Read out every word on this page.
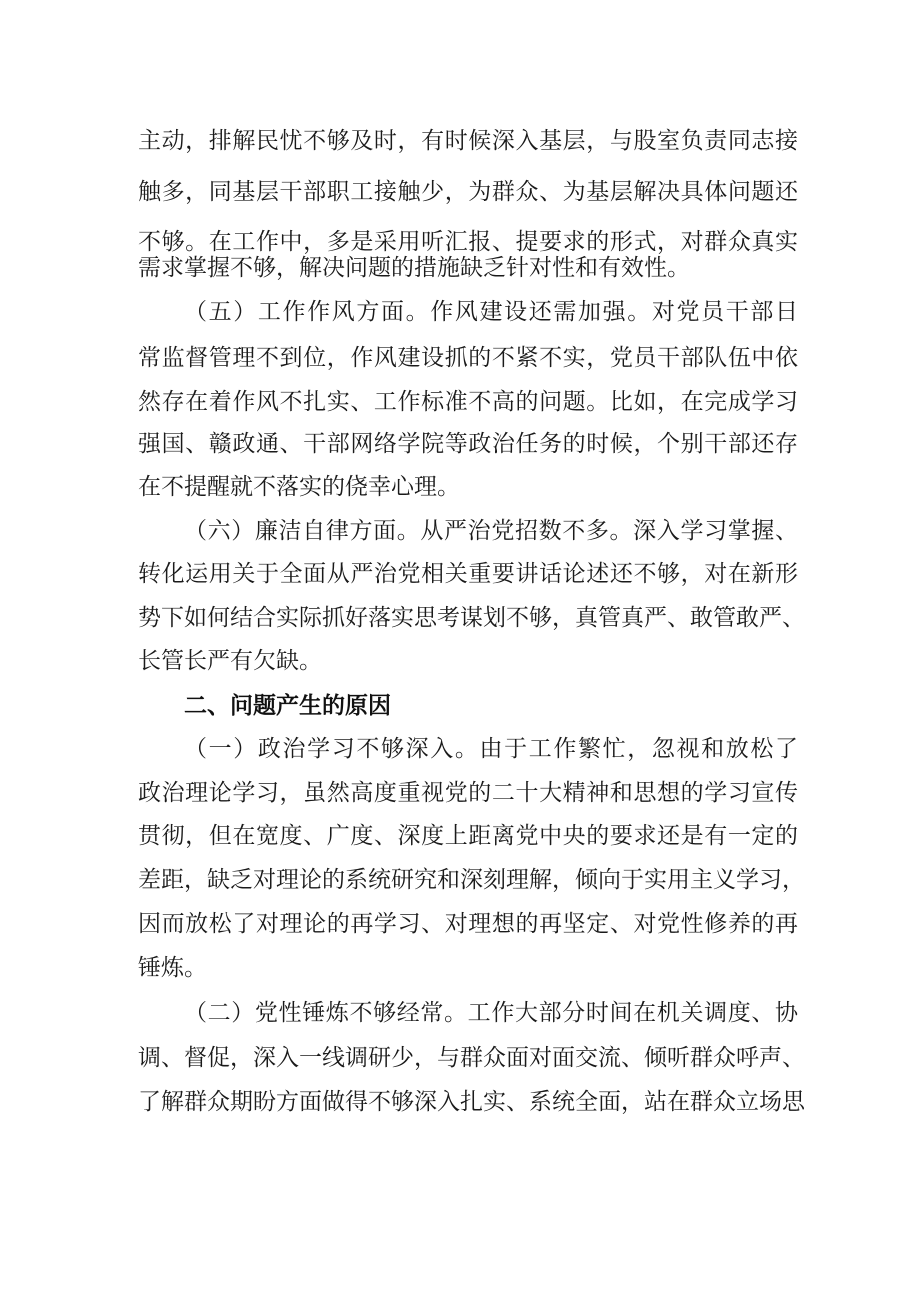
主动，排解民忧不够及时，有时候深入基层，与股室负责同志接
触多，同基层干部职工接触少，为群众、为基层解决具体问题还
不够。在工作中，多是采用听汇报、提要求的形式，对群众真实
需求掌握不够，解决问题的措施缺乏针对性和有效性。
（五）工作作风方面。作风建设还需加强。对党员干部日
常监督管理不到位，作风建设抓的不紧不实，党员干部队伍中依
然存在着作风不扎实、工作标准不高的问题。比如，在完成学习
强国、赣政通、干部网络学院等政治任务的时候，个别干部还存
在不提醒就不落实的侥幸心理。
（六）廉洁自律方面。从严治党招数不多。深入学习掌握、
转化运用关于全面从严治党相关重要讲话论述还不够，对在新形
势下如何结合实际抓好落实思考谋划不够，真管真严、敢管敢严、
长管长严有欠缺。
二、问题产生的原因
（一）政治学习不够深入。由于工作繁忙，忽视和放松了
政治理论学习，虽然高度重视党的二十大精神和思想的学习宣传
贯彻，但在宽度、广度、深度上距离党中央的要求还是有一定的
差距，缺乏对理论的系统研究和深刻理解，倾向于实用主义学习，
因而放松了对理论的再学习、对理想的再坚定、对党性修养的再
锤炼。
（二）党性锤炼不够经常。工作大部分时间在机关调度、协
调、督促，深入一线调研少，与群众面对面交流、倾听群众呼声、
了解群众期盼方面做得不够深入扎实、系统全面，站在群众立场思
